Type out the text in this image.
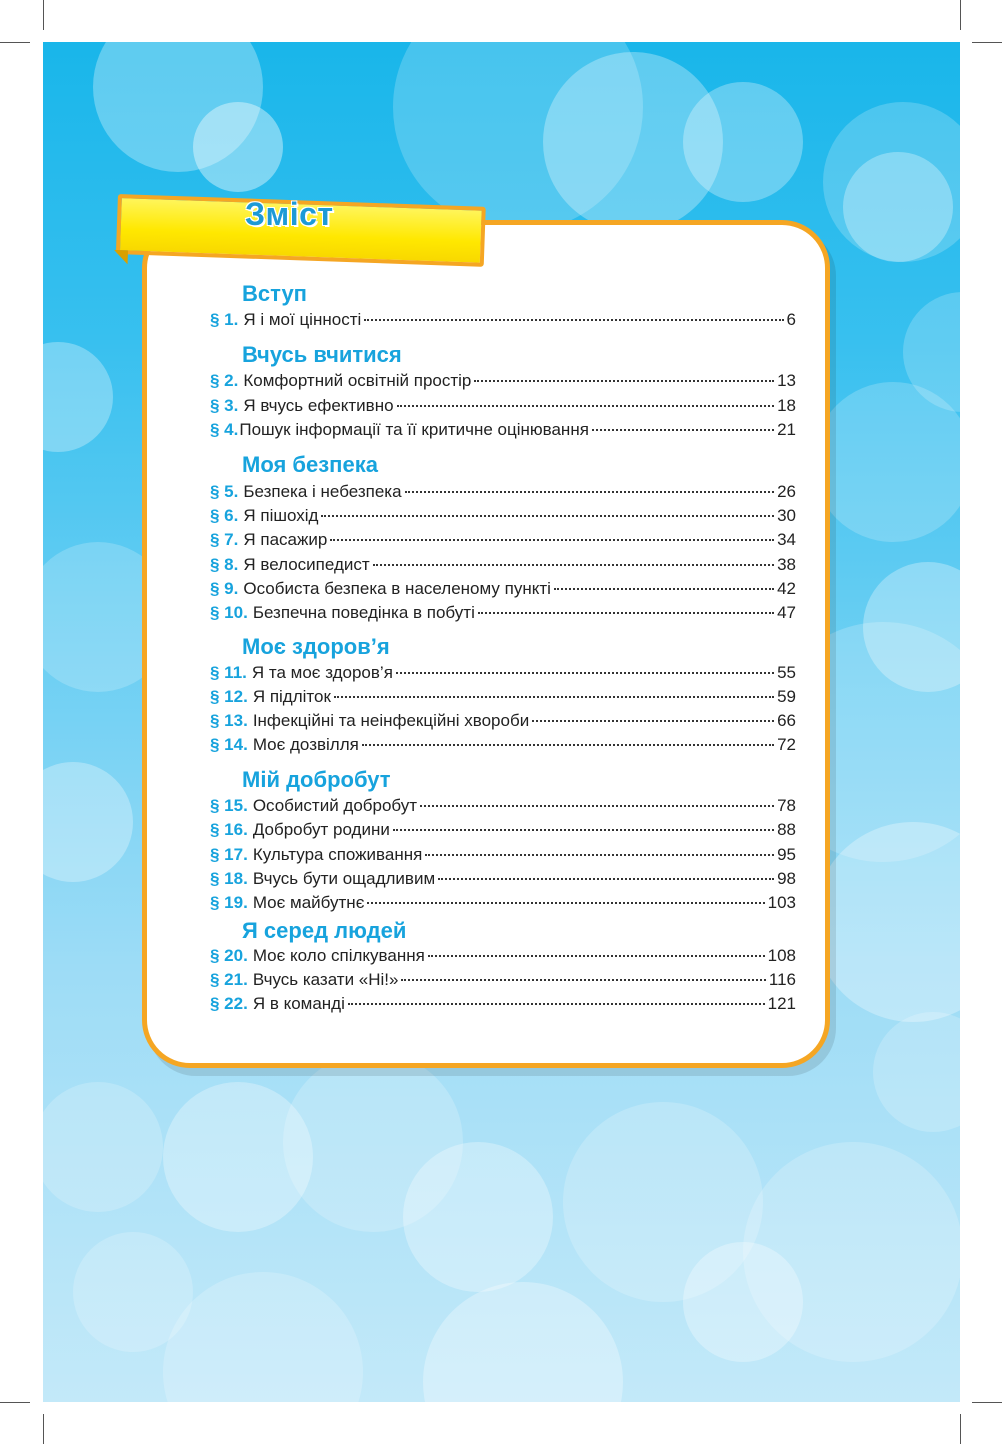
Зміст
Вступ
§ 1. Я і мої цінності	6
Вчусь вчитися
§ 2. Комфортний освітній простір	13
§ 3. Я вчусь ефективно	18
§ 4. Пошук інформації та її критичне оцінювання	21
Моя безпека
§ 5. Безпека і небезпека	26
§ 6. Я пішохід	30
§ 7. Я пасажир	34
§ 8. Я велосипедист	38
§ 9. Особиста безпека в населеному пункті	42
§ 10. Безпечна поведінка в побуті	47
Моє здоров’я
§ 11. Я та моє здоров’я	55
§ 12. Я підліток	59
§ 13. Інфекційні та неінфекційні хвороби	66
§ 14. Моє дозвілля	72
Мій добробут
§ 15. Особистий добробут	78
§ 16. Добробут родини	88
§ 17. Культура споживання	95
§ 18. Вчусь бути ощадливим	98
§ 19. Моє майбутнє	103
Я серед людей
§ 20. Моє коло спілкування	108
§ 21. Вчусь казати «Ні!»	116
§ 22. Я в команді	121
